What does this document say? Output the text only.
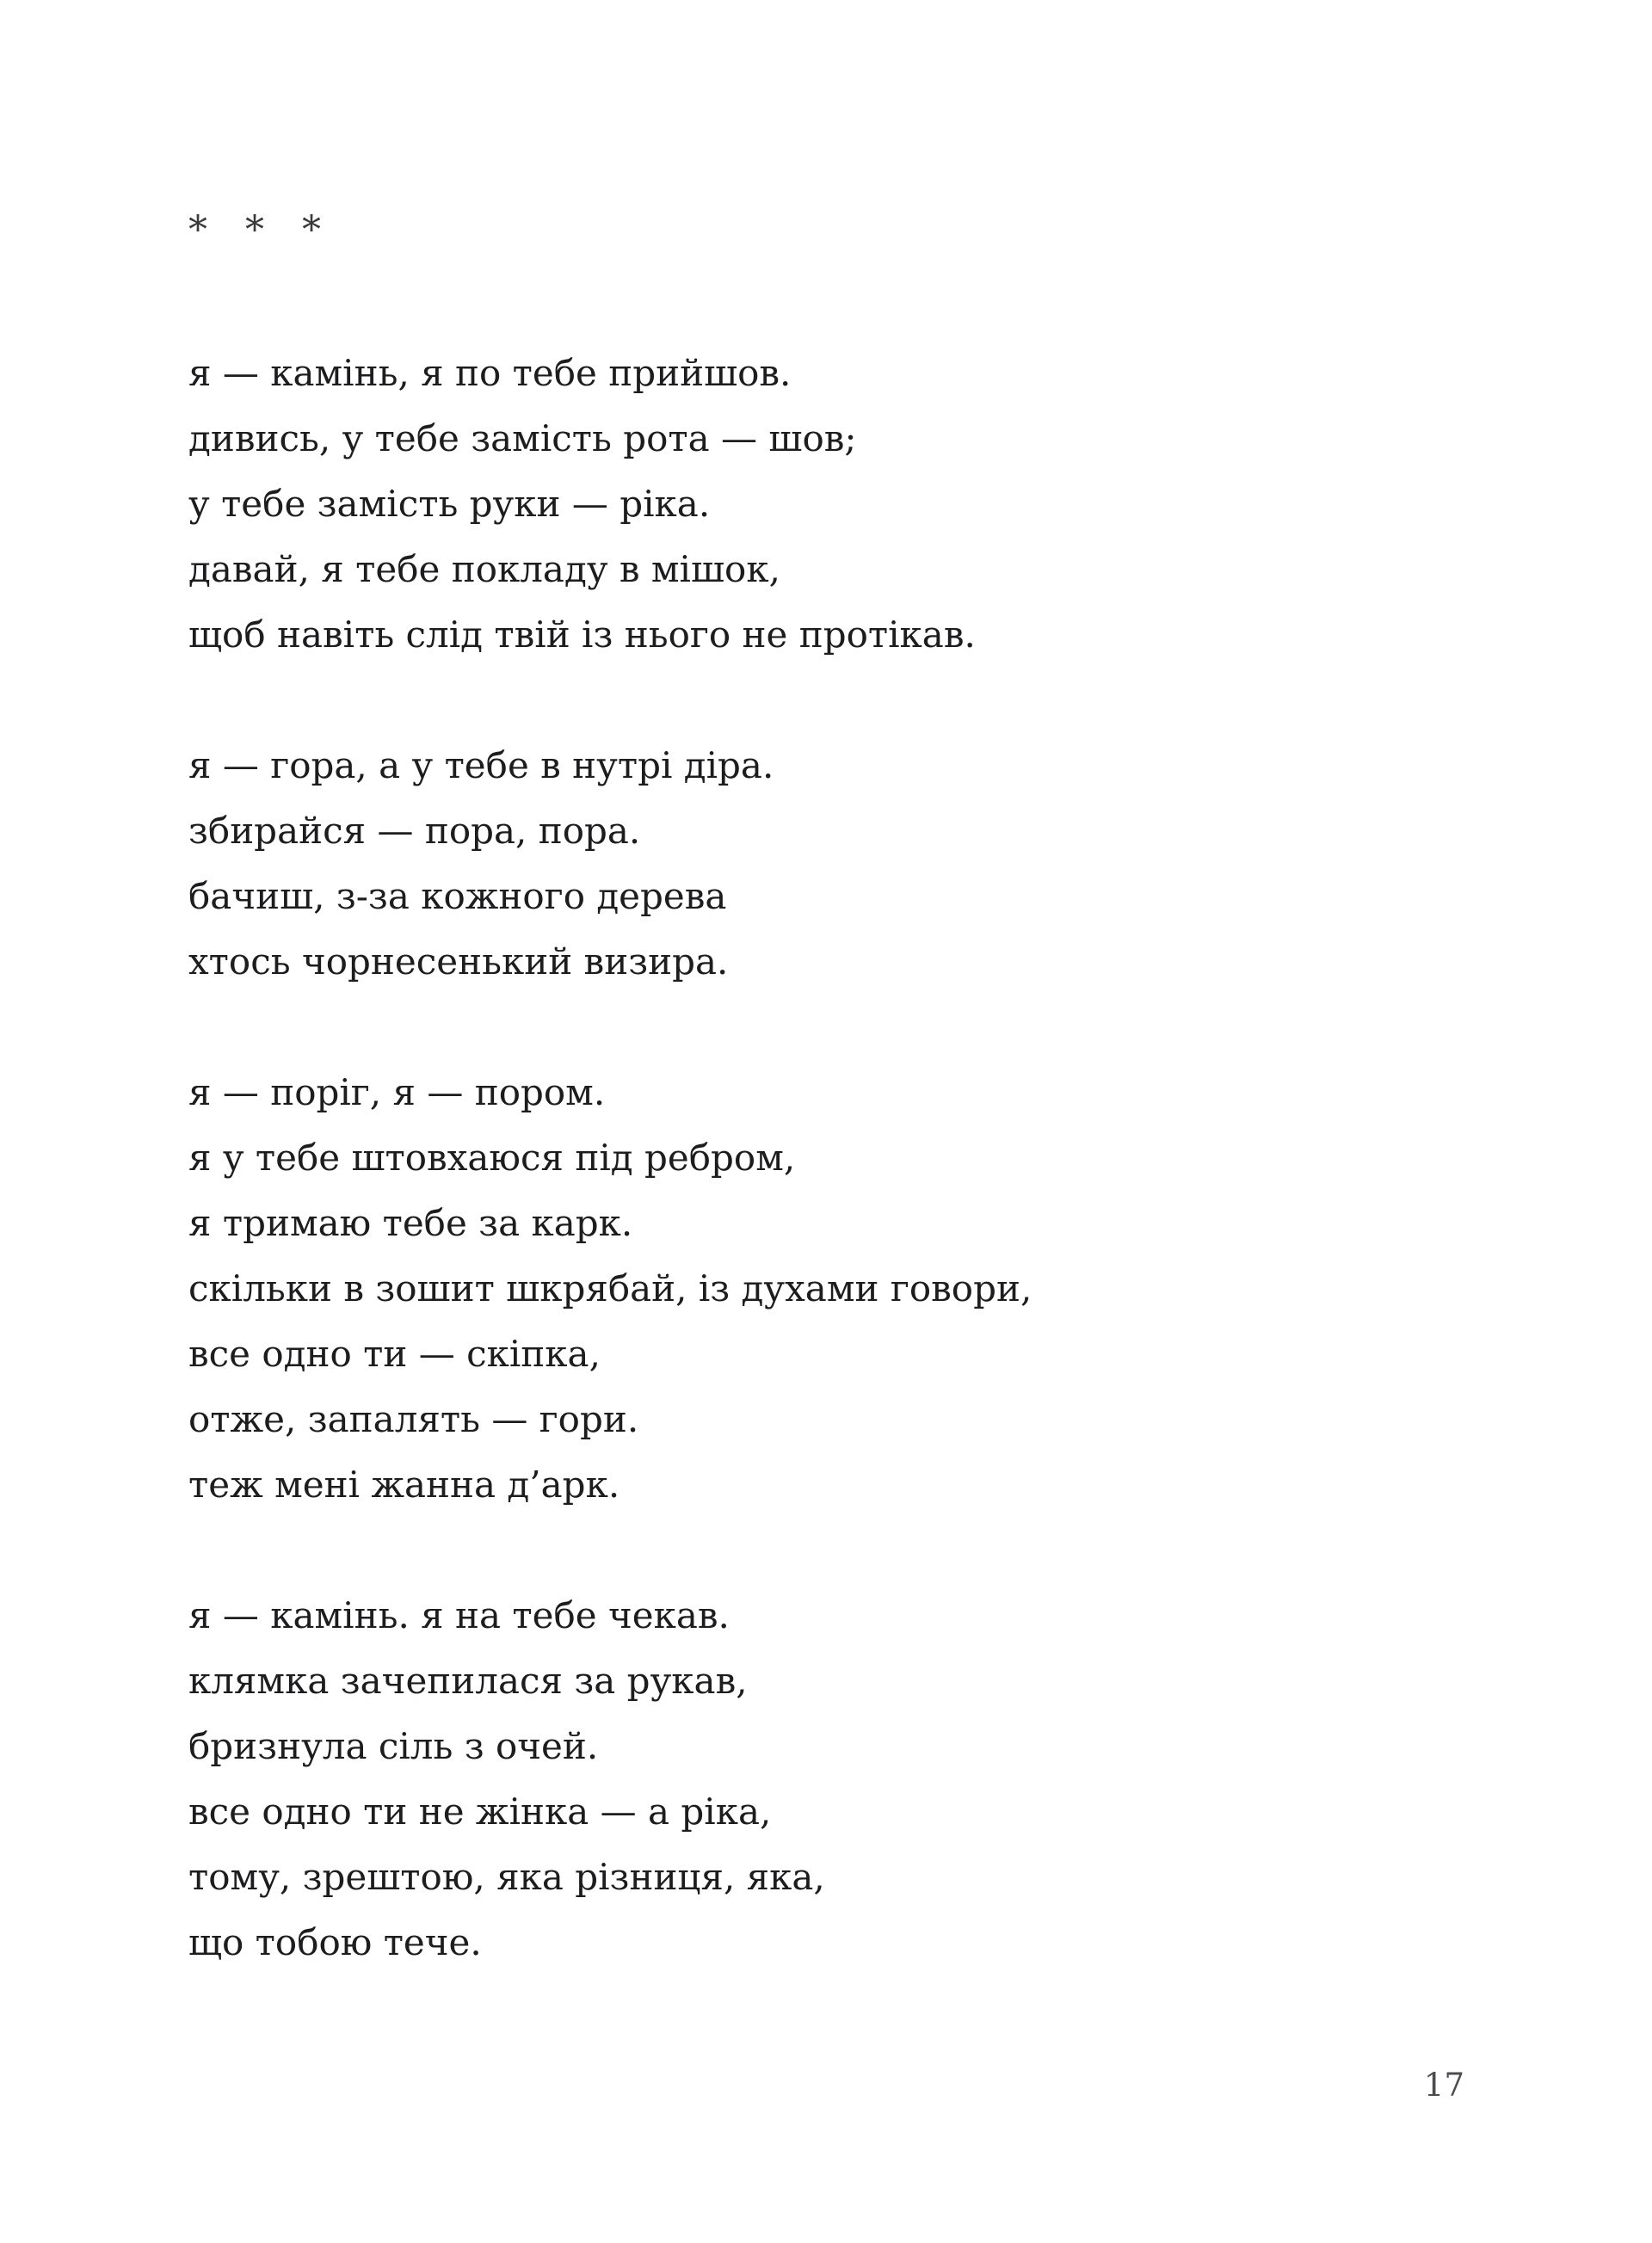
* * *
я — камінь, я по тебе прийшов.
дивись, у тебе замість рота — шов;
у тебе замість руки — ріка.
давай, я тебе покладу в мішок,
щоб навіть слід твій із нього не протікав.
я — гора, а у тебе в нутрі діра.
збирайся — пора, пора.
бачиш, з-за кожного дерева
хтось чорнесенький визира.
я — поріг, я — пором.
я у тебе штовхаюся під ребром,
я тримаю тебе за карк.
скільки в зошит шкрябай, із духами говори,
все одно ти — скіпка,
отже, запалять — гори.
теж мені жанна д’арк.
я — камінь. я на тебе чекав.
клямка зачепилася за рукав,
бризнула сіль з очей.
все одно ти не жінка — а ріка,
тому, зрештою, яка різниця, яка,
що тобою тече.
17
